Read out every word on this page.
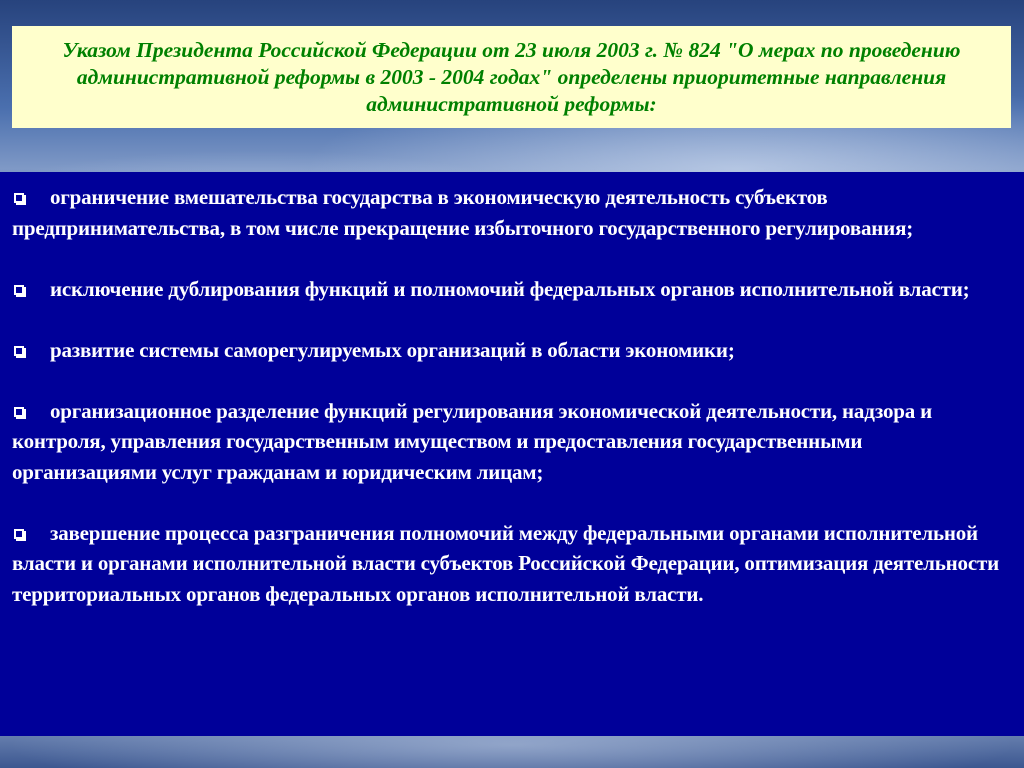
Указом Президента Российской Федерации от 23 июля 2003 г. № 824 "О мерах по проведению административной реформы в 2003 - 2004 годах" определены приоритетные направления административной реформы:

ограничение вмешательства государства в экономическую деятельность субъектов предпринимательства, в том числе прекращение избыточного государственного регулирования;
исключение дублирования функций и полномочий федеральных органов исполнительной власти;
развитие системы саморегулируемых организаций в области экономики;
организационное разделение функций регулирования экономической деятельности, надзора и контроля, управления государственным имуществом и предоставления государственными организациями услуг гражданам и юридическим лицам;
завершение процесса разграничения полномочий между федеральными органами исполнительной власти и органами исполнительной власти субъектов Российской Федерации, оптимизация деятельности территориальных органов федеральных органов исполнительной власти.
